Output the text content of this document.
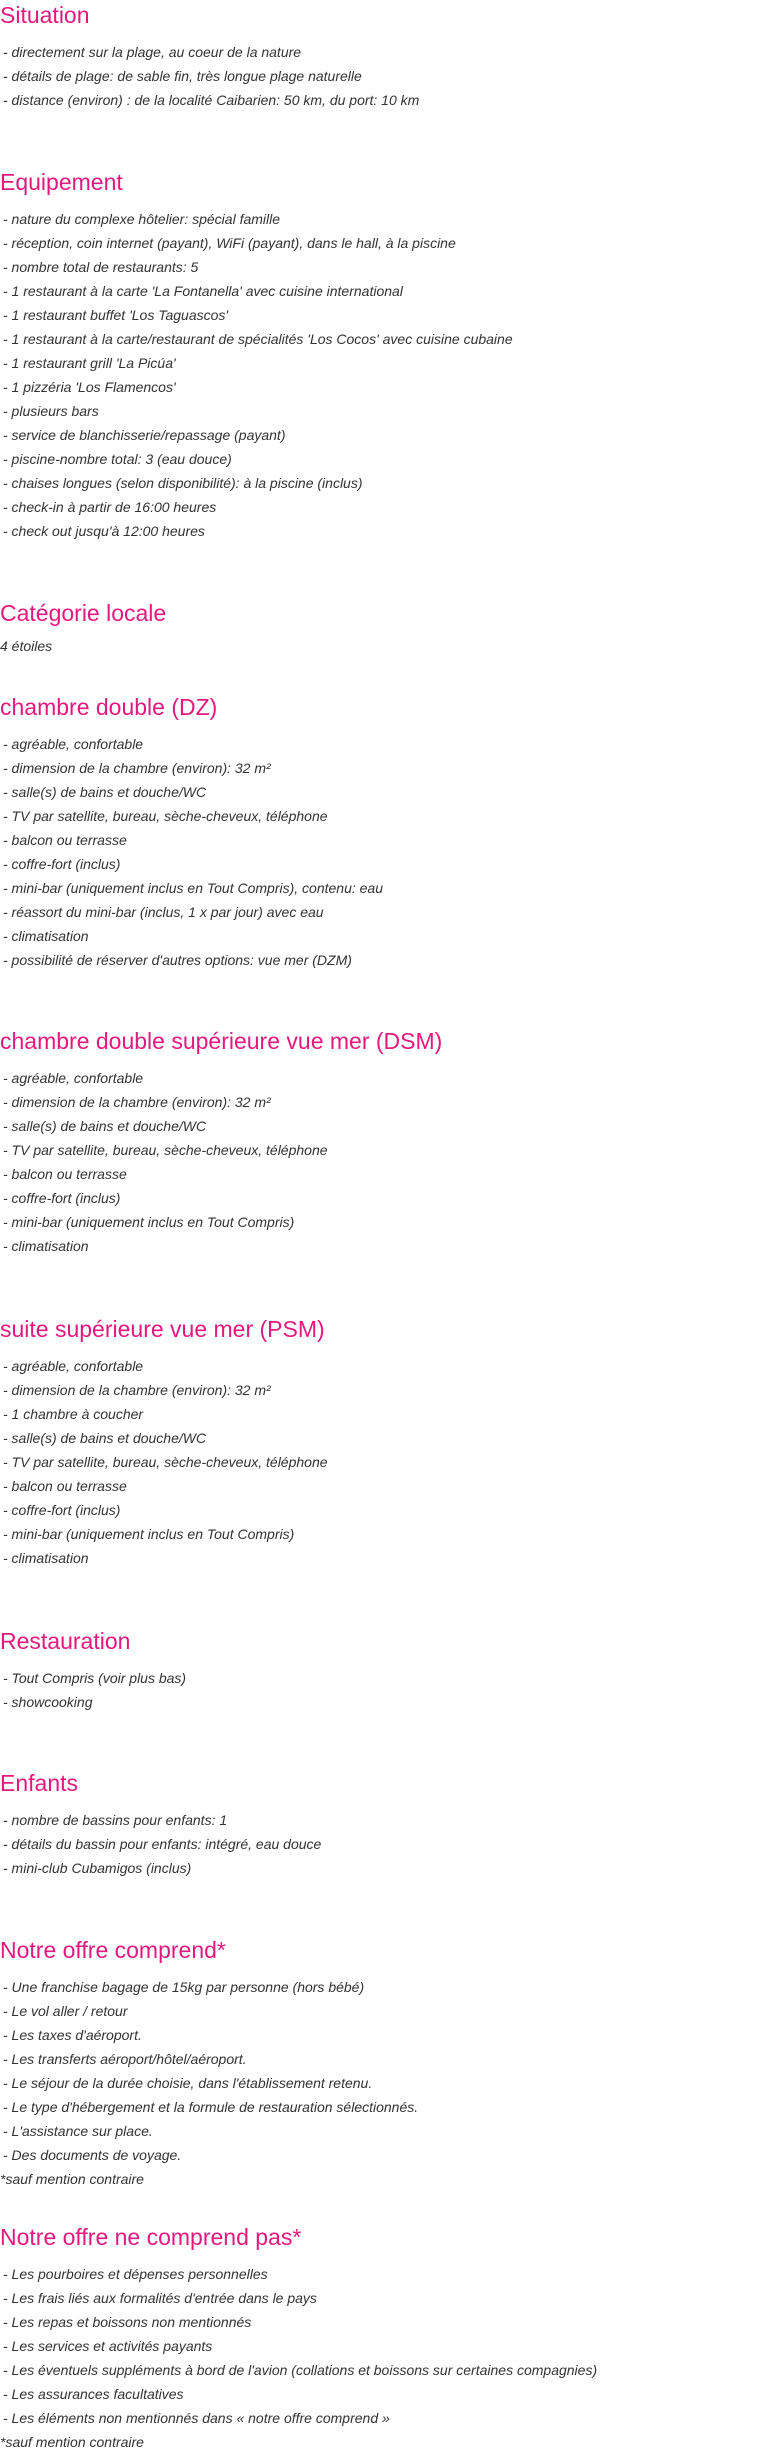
Situation
- directement sur la plage, au coeur de la nature
- détails de plage: de sable fin, très longue plage naturelle
- distance (environ) : de la localité Caibarien: 50 km, du port: 10 km
Equipement
- nature du complexe hôtelier: spécial famille
- réception, coin internet (payant), WiFi (payant), dans le hall, à la piscine
- nombre total de restaurants: 5
- 1 restaurant à la carte 'La Fontanella' avec cuisine international
- 1 restaurant buffet 'Los Taguascos'
- 1 restaurant à la carte/restaurant de spécialités 'Los Cocos' avec cuisine cubaine
- 1 restaurant grill 'La Picúa'
- 1 pizzéria 'Los Flamencos'
- plusieurs bars
- service de blanchisserie/repassage (payant)
- piscine-nombre total: 3 (eau douce)
- chaises longues (selon disponibilité): à la piscine (inclus)
- check-in à partir de 16:00 heures
- check out jusqu'à 12:00 heures
Catégorie locale
4 étoiles
chambre double (DZ)
- agréable, confortable
- dimension de la chambre (environ): 32 m²
- salle(s) de bains et douche/WC
- TV par satellite, bureau, sèche-cheveux, téléphone
- balcon ou terrasse
- coffre-fort (inclus)
- mini-bar (uniquement inclus en Tout Compris), contenu: eau
- réassort du mini-bar (inclus, 1 x par jour) avec eau
- climatisation
- possibilité de réserver d'autres options: vue mer (DZM)
chambre double supérieure vue mer (DSM)
- agréable, confortable
- dimension de la chambre (environ): 32 m²
- salle(s) de bains et douche/WC
- TV par satellite, bureau, sèche-cheveux, téléphone
- balcon ou terrasse
- coffre-fort (inclus)
- mini-bar (uniquement inclus en Tout Compris)
- climatisation
suite supérieure vue mer (PSM)
- agréable, confortable
- dimension de la chambre (environ): 32 m²
- 1 chambre à coucher
- salle(s) de bains et douche/WC
- TV par satellite, bureau, sèche-cheveux, téléphone
- balcon ou terrasse
- coffre-fort (inclus)
- mini-bar (uniquement inclus en Tout Compris)
- climatisation
Restauration
- Tout Compris (voir plus bas)
- showcooking
Enfants
- nombre de bassins pour enfants: 1
- détails du bassin pour enfants: intégré, eau douce
- mini-club Cubamigos (inclus)
Notre offre comprend*
- Une franchise bagage de 15kg par personne (hors bébé)
- Le vol aller / retour
- Les taxes d'aéroport.
- Les transferts aéroport/hôtel/aéroport.
- Le séjour de la durée choisie, dans l'établissement retenu.
- Le type d'hébergement et la formule de restauration sélectionnés.
- L'assistance sur place.
- Des documents de voyage.
*sauf mention contraire
Notre offre ne comprend pas*
- Les pourboires et dépenses personnelles
- Les frais liés aux formalités d'entrée dans le pays
- Les repas et boissons non mentionnés
- Les services et activités payants
- Les éventuels suppléments à bord de l'avion (collations et boissons sur certaines compagnies)
- Les assurances facultatives
- Les éléments non mentionnés dans « notre offre comprend »
*sauf mention contraire
